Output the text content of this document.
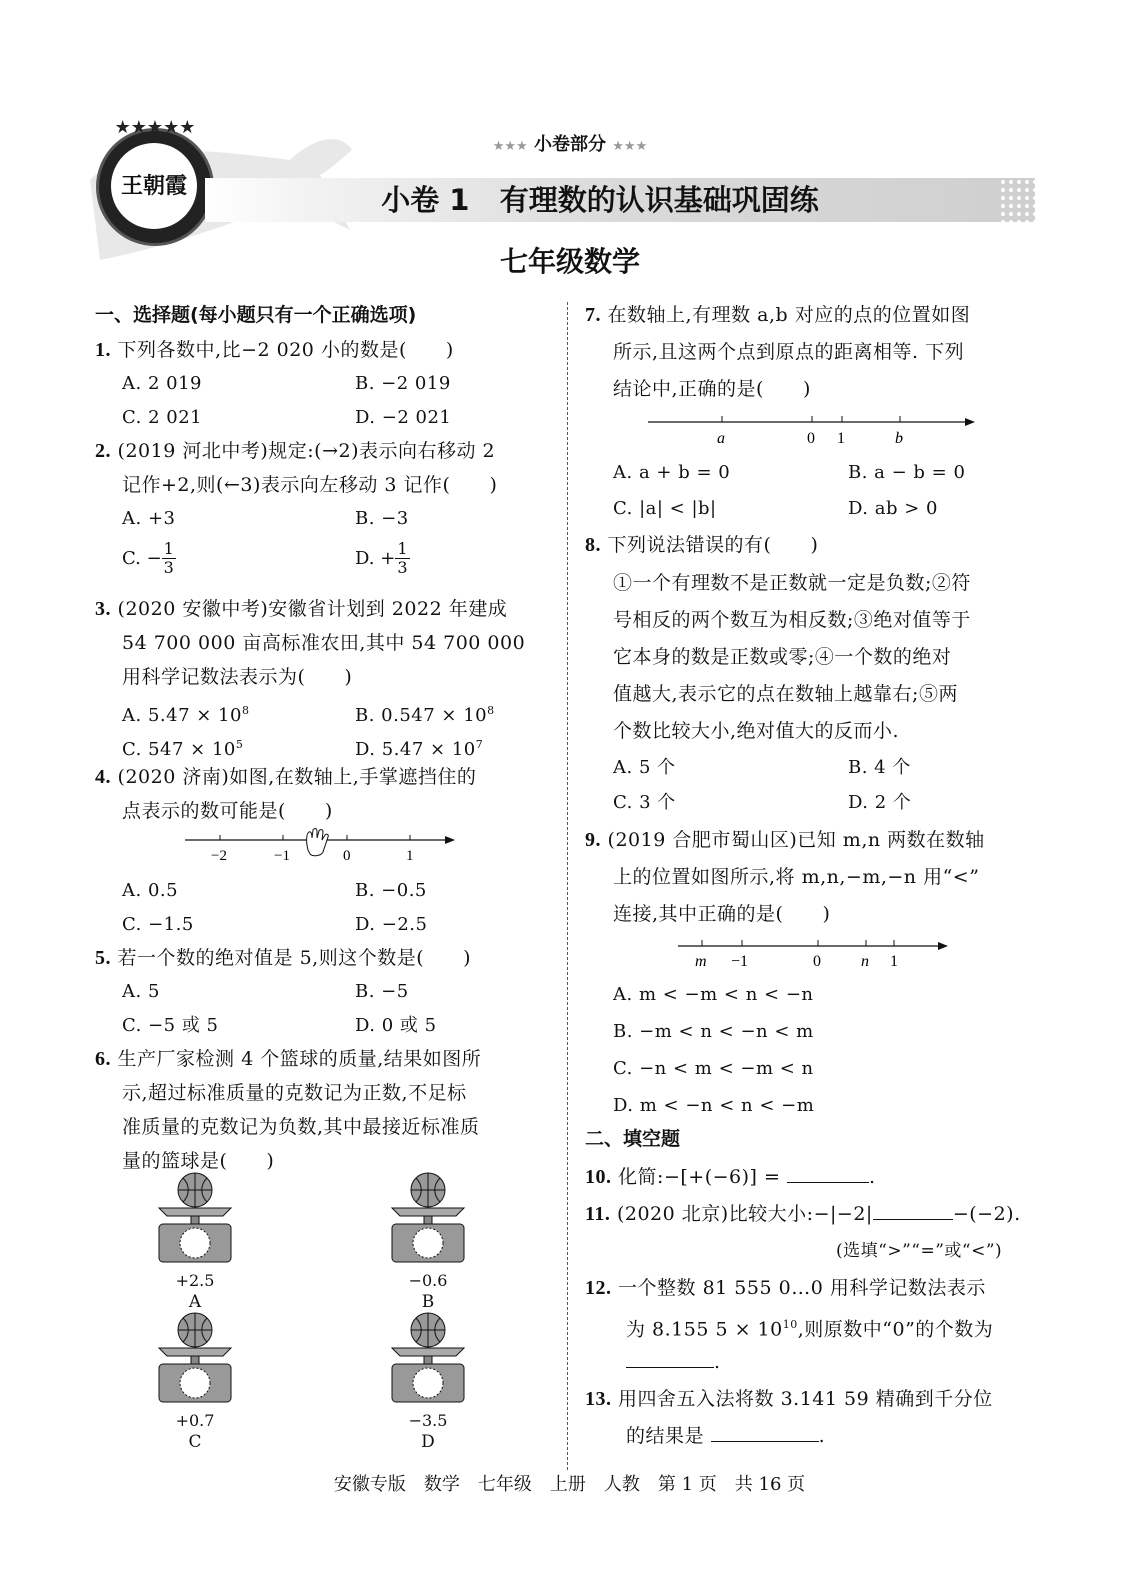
★★★★★
王朝霞
★★★ 小卷部分 ★★★
小卷 1   有理数的认识基础巩固练
七年级数学
一、选择题(每小题只有一个正确选项)
1. 下列各数中,比−2 020 小的数是(　　)
A. 2 019	B. −2 019
C. 2 021	D. −2 021
2. (2019 河北中考)规定:(→2)表示向右移动 2
记作+2,则(←3)表示向左移动 3 记作(　　)
A. +3	B. −3
C. − $\frac{1}{3}$	D. + $\frac{1}{3}$
3. (2020 安徽中考)安徽省计划到 2022 年建成
54 700 000 亩高标准农田,其中 54 700 000
用科学记数法表示为(　　)
A. $5.47 \times 10^8$	B. $0.547 \times 10^8$
C. $547 \times 10^5$	D. $5.47 \times 10^7$
4. (2020 济南)如图,在数轴上,手掌遮挡住的
点表示的数可能是(　　)
−2	−1	0	1
A. 0.5	B. −0.5
C. −1.5	D. −2.5
5. 若一个数的绝对值是 5,则这个数是(　　)
A. 5	B. −5
C. −5 或 5	D. 0 或 5
6. 生产厂家检测 4 个篮球的质量,结果如图所
示,超过标准质量的克数记为正数,不足标
准质量的克数记为负数,其中最接近标准质
量的篮球是(　　)
+2.5
A
−0.6
B
+0.7
C
−3.5
D
7. 在数轴上,有理数 a,b 对应的点的位置如图
所示,且这两个点到原点的距离相等. 下列
结论中,正确的是(　　)
a	0 1	b
A. a + b = 0	B. a − b = 0
C. |a| < |b|	D. ab > 0
8. 下列说法错误的有(　　)
①一个有理数不是正数就一定是负数;②符
号相反的两个数互为相反数;③绝对值等于
它本身的数是正数或零;④一个数的绝对
值越大,表示它的点在数轴上越靠右;⑤两
个数比较大小,绝对值大的反而小.
A. 5 个	B. 4 个
C. 3 个	D. 2 个
9. (2019 合肥市蜀山区)已知 m,n 两数在数轴
上的位置如图所示,将 m,n,−m,−n 用“<”
连接,其中正确的是(　　)
m −1	0	n 1
A. m < −m < n < −n
B. −m < n < −n < m
C. −n < m < −m < n
D. m < −n < n < −m
二、填空题
10. 化简:−[+(−6)] =	.
11. (2020 北京)比较大小:−|−2|	−(−2).
(选填“>”“=”或“<”)
12. 一个整数 81 555 0…0 用科学记数法表示
为 8.155 $5 \times 10^{10}$,则原数中“0”的个数为
.
13. 用四舍五入法将数 3.141 59 精确到千分位
的结果是	.
安徽专版　数学　七年级　上册　人教　第 1 页　共 16 页
